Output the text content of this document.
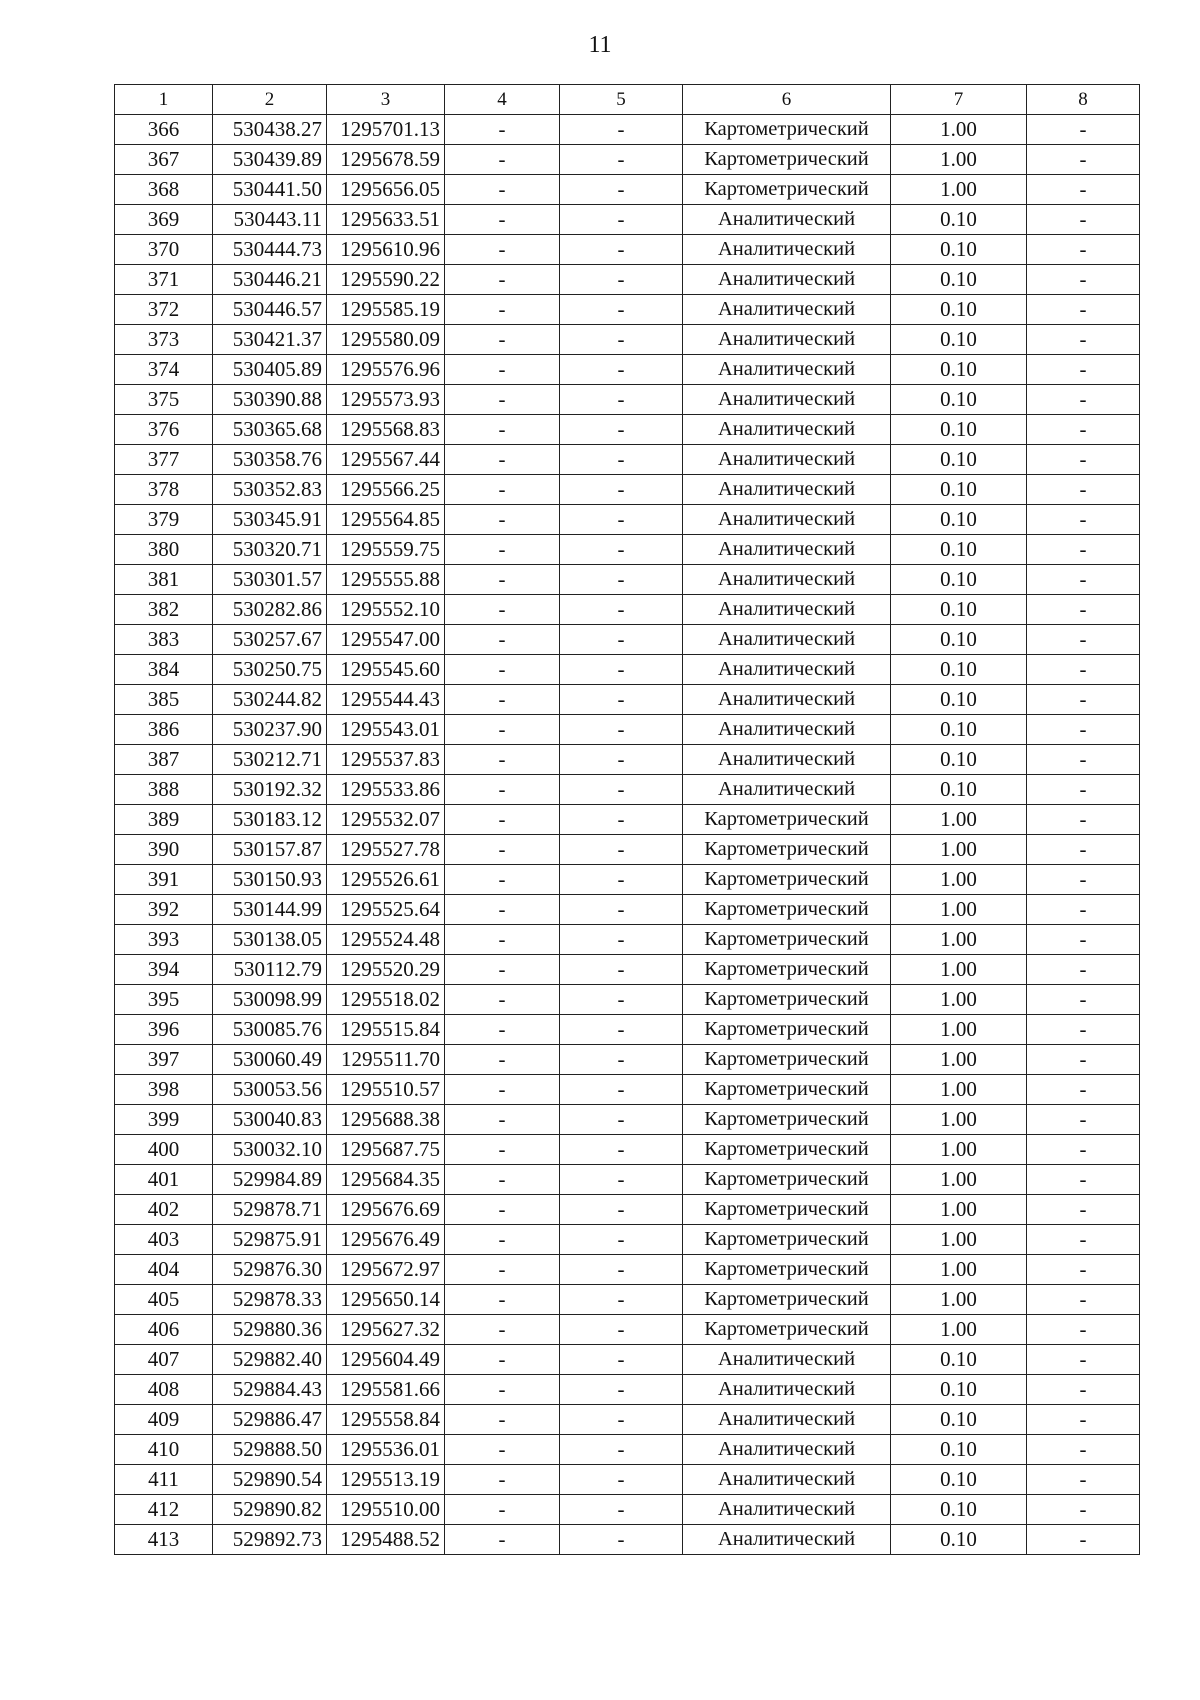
11
1	2	3	4	5	6	7	8
366	530438.27	1295701.13	-	-	Картометрический	1.00	-
367	530439.89	1295678.59	-	-	Картометрический	1.00	-
368	530441.50	1295656.05	-	-	Картометрический	1.00	-
369	530443.11	1295633.51	-	-	Аналитический	0.10	-
370	530444.73	1295610.96	-	-	Аналитический	0.10	-
371	530446.21	1295590.22	-	-	Аналитический	0.10	-
372	530446.57	1295585.19	-	-	Аналитический	0.10	-
373	530421.37	1295580.09	-	-	Аналитический	0.10	-
374	530405.89	1295576.96	-	-	Аналитический	0.10	-
375	530390.88	1295573.93	-	-	Аналитический	0.10	-
376	530365.68	1295568.83	-	-	Аналитический	0.10	-
377	530358.76	1295567.44	-	-	Аналитический	0.10	-
378	530352.83	1295566.25	-	-	Аналитический	0.10	-
379	530345.91	1295564.85	-	-	Аналитический	0.10	-
380	530320.71	1295559.75	-	-	Аналитический	0.10	-
381	530301.57	1295555.88	-	-	Аналитический	0.10	-
382	530282.86	1295552.10	-	-	Аналитический	0.10	-
383	530257.67	1295547.00	-	-	Аналитический	0.10	-
384	530250.75	1295545.60	-	-	Аналитический	0.10	-
385	530244.82	1295544.43	-	-	Аналитический	0.10	-
386	530237.90	1295543.01	-	-	Аналитический	0.10	-
387	530212.71	1295537.83	-	-	Аналитический	0.10	-
388	530192.32	1295533.86	-	-	Аналитический	0.10	-
389	530183.12	1295532.07	-	-	Картометрический	1.00	-
390	530157.87	1295527.78	-	-	Картометрический	1.00	-
391	530150.93	1295526.61	-	-	Картометрический	1.00	-
392	530144.99	1295525.64	-	-	Картометрический	1.00	-
393	530138.05	1295524.48	-	-	Картометрический	1.00	-
394	530112.79	1295520.29	-	-	Картометрический	1.00	-
395	530098.99	1295518.02	-	-	Картометрический	1.00	-
396	530085.76	1295515.84	-	-	Картометрический	1.00	-
397	530060.49	1295511.70	-	-	Картометрический	1.00	-
398	530053.56	1295510.57	-	-	Картометрический	1.00	-
399	530040.83	1295688.38	-	-	Картометрический	1.00	-
400	530032.10	1295687.75	-	-	Картометрический	1.00	-
401	529984.89	1295684.35	-	-	Картометрический	1.00	-
402	529878.71	1295676.69	-	-	Картометрический	1.00	-
403	529875.91	1295676.49	-	-	Картометрический	1.00	-
404	529876.30	1295672.97	-	-	Картометрический	1.00	-
405	529878.33	1295650.14	-	-	Картометрический	1.00	-
406	529880.36	1295627.32	-	-	Картометрический	1.00	-
407	529882.40	1295604.49	-	-	Аналитический	0.10	-
408	529884.43	1295581.66	-	-	Аналитический	0.10	-
409	529886.47	1295558.84	-	-	Аналитический	0.10	-
410	529888.50	1295536.01	-	-	Аналитический	0.10	-
411	529890.54	1295513.19	-	-	Аналитический	0.10	-
412	529890.82	1295510.00	-	-	Аналитический	0.10	-
413	529892.73	1295488.52	-	-	Аналитический	0.10	-
